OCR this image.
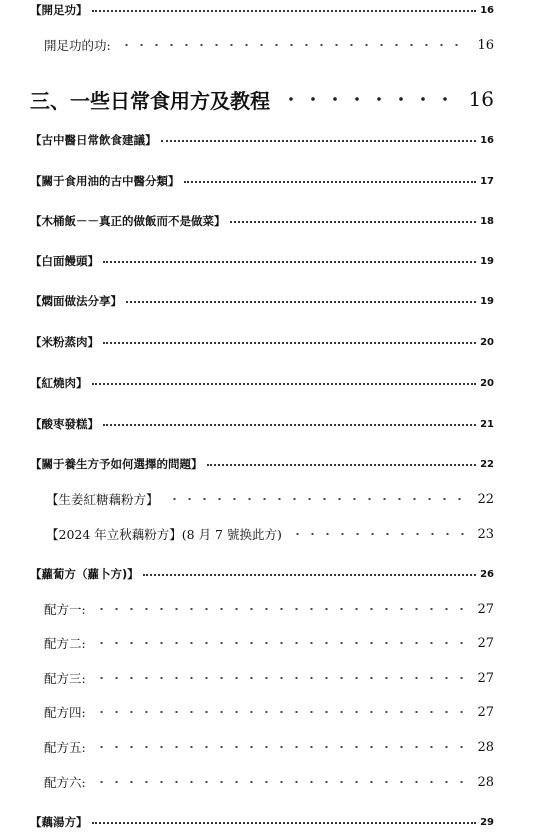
【開足功】	16
開足功的功:	16
三、一些日常食用方及教程	16
【古中醫日常飲食建議】	16
【關于食用油的古中醫分類】	17
【木桶飯－－真正的做飯而不是做菜】	18
【白面饅頭】	19
【燜面做法分享】	19
【米粉蒸肉】	20
【紅燒肉】	20
【酸枣發糕】	21
【關于養生方予如何選擇的問題】	22
【生姜紅糖藕粉方】	22
【2024 年立秋藕粉方】(8 月 7 號换此方)	23
【蘿蔔方（蘿卜方)】	26
配方一:	27
配方二:	27
配方三:	27
配方四:	27
配方五:	28
配方六:	28
【藕湯方】	29
